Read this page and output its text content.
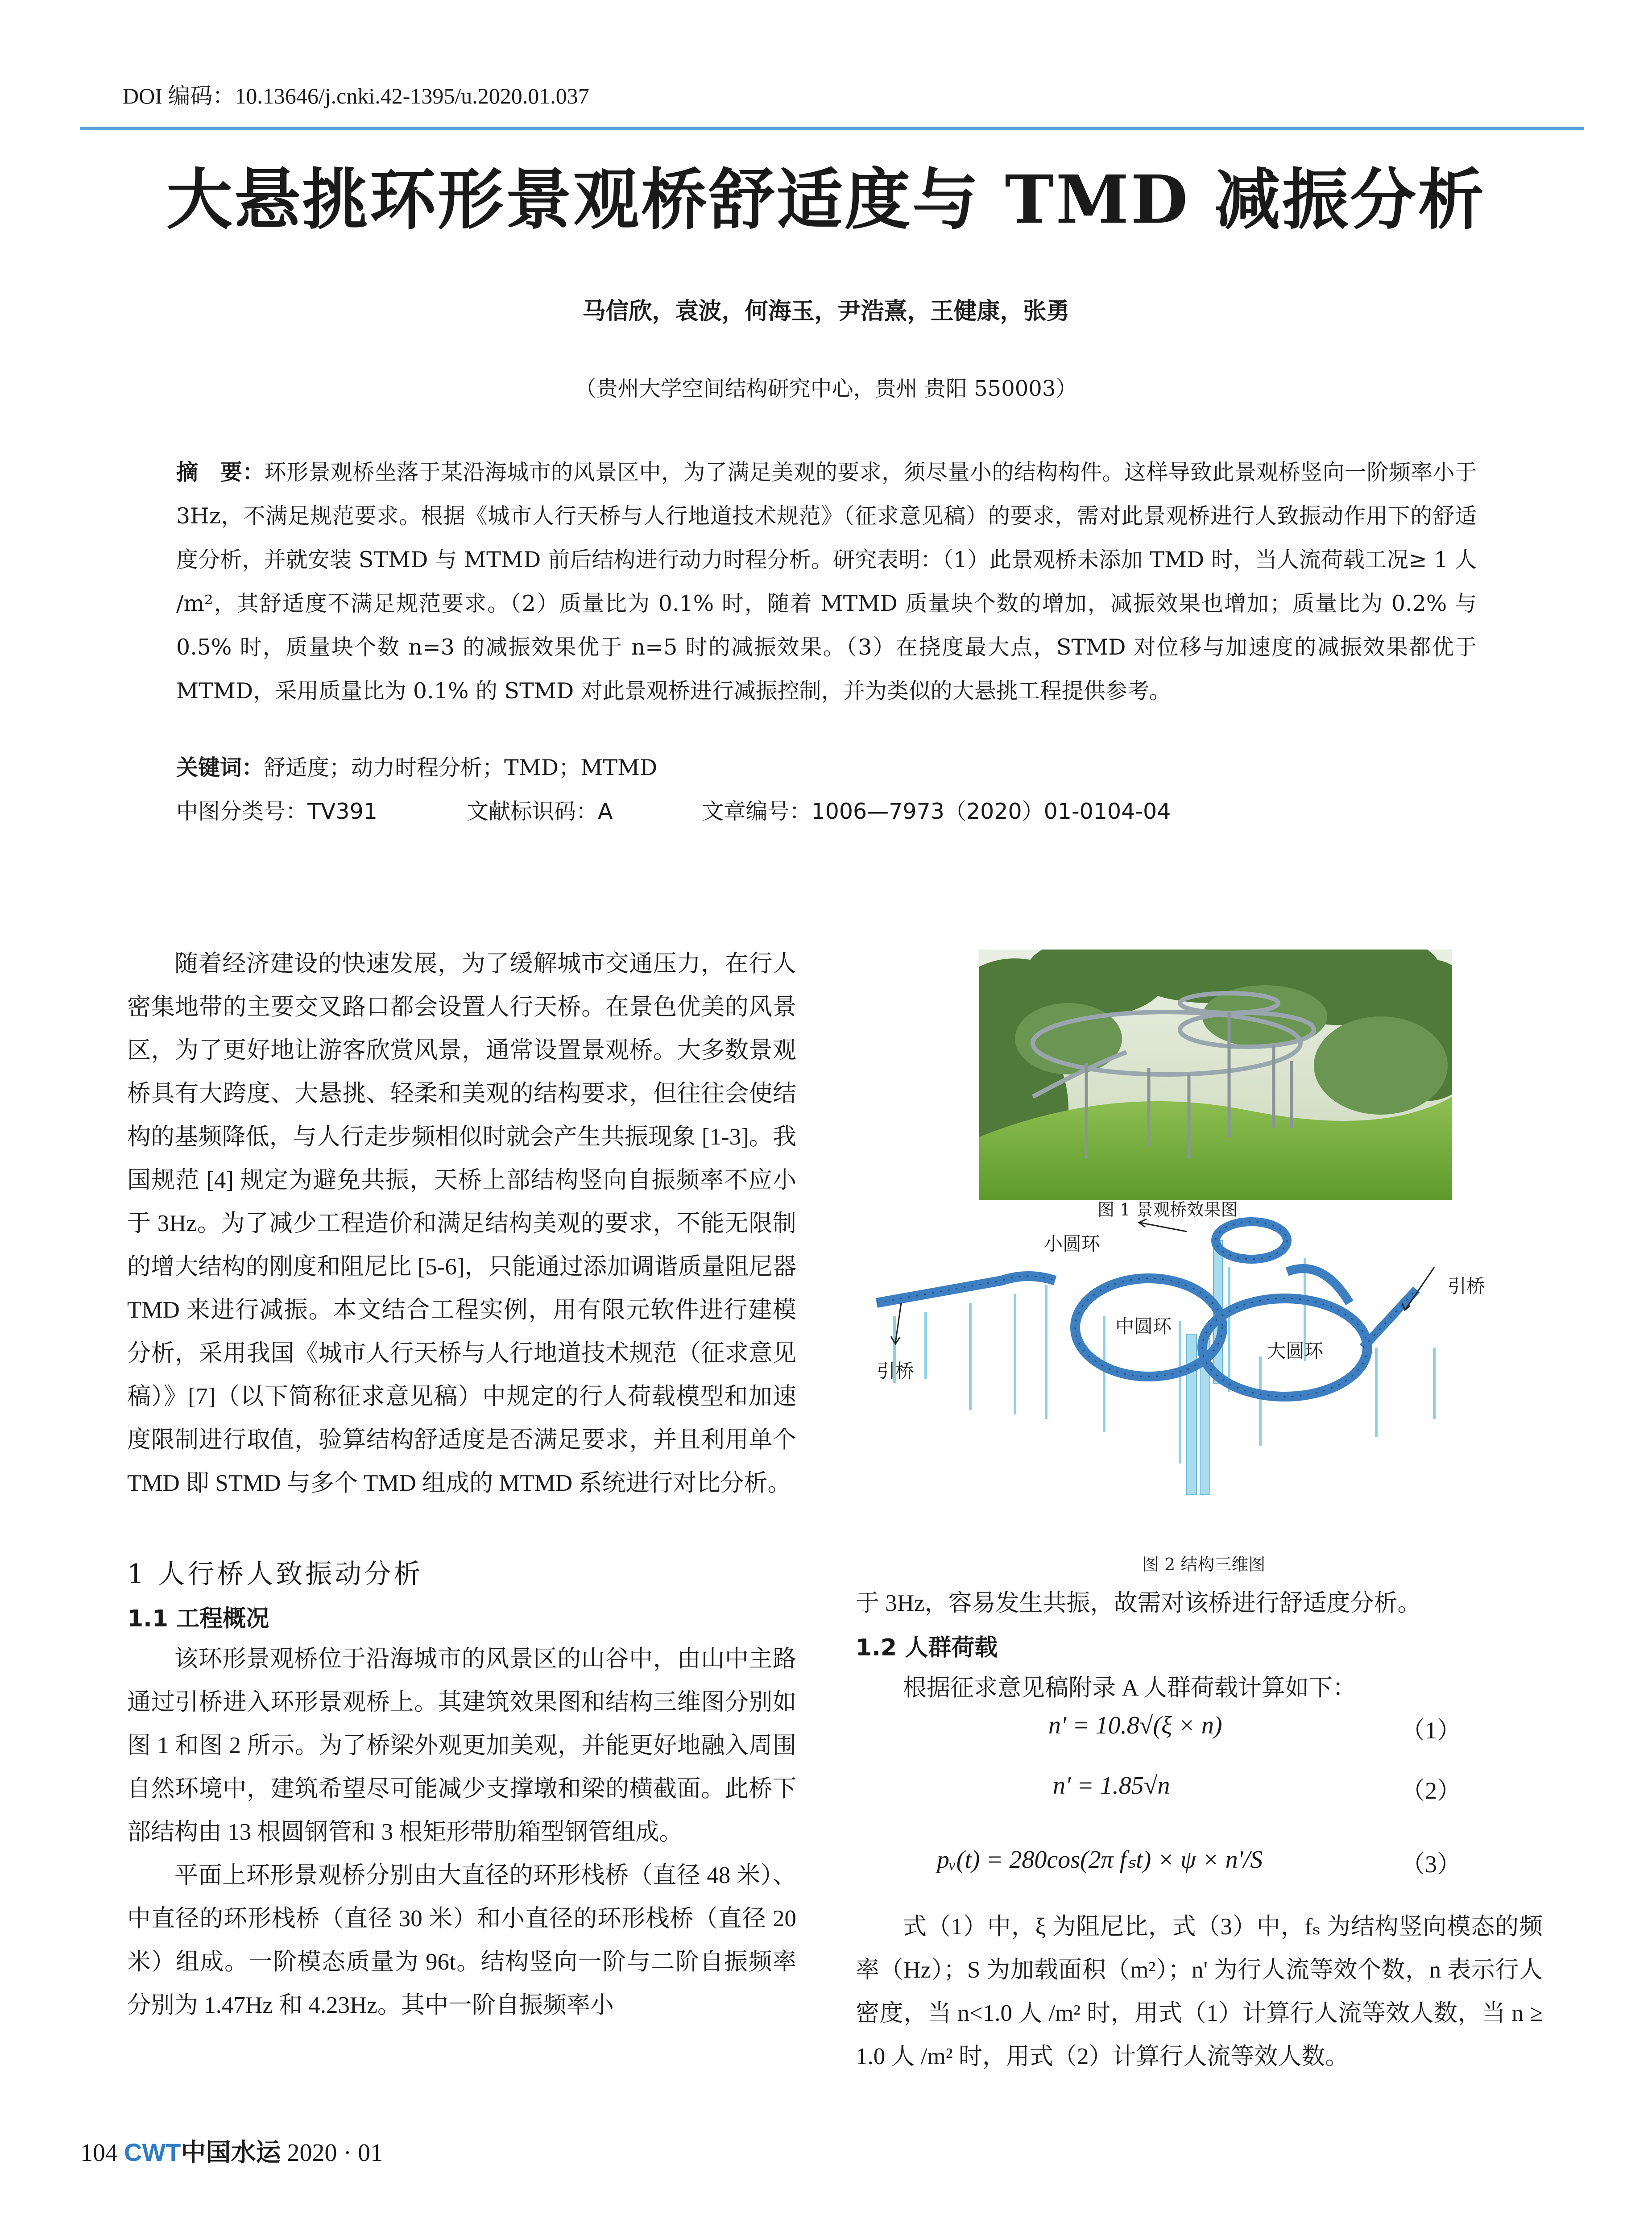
DOI 编码：10.13646/j.cnki.42-1395/u.2020.01.037
大悬挑环形景观桥舒适度与 TMD 减振分析
马信欣，袁波，何海玉，尹浩熹，王健康，张勇
（贵州大学空间结构研究中心，贵州 贵阳 550003）
摘　要：环形景观桥坐落于某沿海城市的风景区中，为了满足美观的要求，须尽量小的结构构件。这样导致此景观桥竖向一阶频率小于 3Hz，不满足规范要求。根据《城市人行天桥与人行地道技术规范》（征求意见稿）的要求，需对此景观桥进行人致振动作用下的舒适度分析，并就安装 STMD 与 MTMD 前后结构进行动力时程分析。研究表明：（1）此景观桥未添加 TMD 时，当人流荷载工况≥ 1 人 /m²，其舒适度不满足规范要求。（2）质量比为 0.1% 时，随着 MTMD 质量块个数的增加，减振效果也增加；质量比为 0.2% 与 0.5% 时，质量块个数 n=3 的减振效果优于 n=5 时的减振效果。（3）在挠度最大点，STMD 对位移与加速度的减振效果都优于 MTMD，采用质量比为 0.1% 的 STMD 对此景观桥进行减振控制，并为类似的大悬挑工程提供参考。
关键词：舒适度；动力时程分析；TMD；MTMD
中图分类号：TV391	文献标识码：A	文章编号：1006—7973（2020）01-0104-04

随着经济建设的快速发展，为了缓解城市交通压力，在行人密集地带的主要交叉路口都会设置人行天桥。在景色优美的风景区，为了更好地让游客欣赏风景，通常设置景观桥。大多数景观桥具有大跨度、大悬挑、轻柔和美观的结构要求，但往往会使结构的基频降低，与人行走步频相似时就会产生共振现象 [1-3]。我国规范 [4] 规定为避免共振，天桥上部结构竖向自振频率不应小于 3Hz。为了减少工程造价和满足结构美观的要求，不能无限制的增大结构的刚度和阻尼比 [5-6]，只能通过添加调谐质量阻尼器 TMD 来进行减振。本文结合工程实例，用有限元软件进行建模分析，采用我国《城市人行天桥与人行地道技术规范（征求意见稿）》[7]（以下简称征求意见稿）中规定的行人荷载模型和加速度限制进行取值，验算结构舒适度是否满足要求，并且利用单个 TMD 即 STMD 与多个 TMD 组成的 MTMD 系统进行对比分析。

1 人行桥人致振动分析
1.1 工程概况

该环形景观桥位于沿海城市的风景区的山谷中，由山中主路通过引桥进入环形景观桥上。其建筑效果图和结构三维图分别如图 1 和图 2 所示。为了桥梁外观更加美观，并能更好地融入周围自然环境中，建筑希望尽可能减少支撑墩和梁的横截面。此桥下部结构由 13 根圆钢管和 3 根矩形带肋箱型钢管组成。

平面上环形景观桥分别由大直径的环形栈桥（直径 48 米）、中直径的环形栈桥（直径 30 米）和小直径的环形栈桥（直径 20 米）组成。一阶模态质量为 96t。结构竖向一阶与二阶自振频率分别为 1.47Hz 和 4.23Hz。其中一阶自振频率小

图 1 景观桥效果图
小圆环
中圆环
大圆环
引桥
引桥
图 2 结构三维图
于 3Hz，容易发生共振，故需对该桥进行舒适度分析。
1.2 人群荷载

根据征求意见稿附录 A 人群荷载计算如下：

n' = 10.8√(ξ × n)	（1）
n' = 1.85√n	（2）
pᵥ(t) = 280cos(2π fₛt) × ψ × n'/S	（3）

式（1）中，ξ 为阻尼比，式（3）中，fₛ 为结构竖向模态的频率（Hz）；S 为加载面积（m²）；n' 为行人流等效个数，n 表示行人密度，当 n<1.0 人 /m² 时，用式（1）计算行人流等效人数，当 n ≥ 1.0 人 /m² 时，用式（2）计算行人流等效人数。

104 CWT中国水运 2020 · 01
